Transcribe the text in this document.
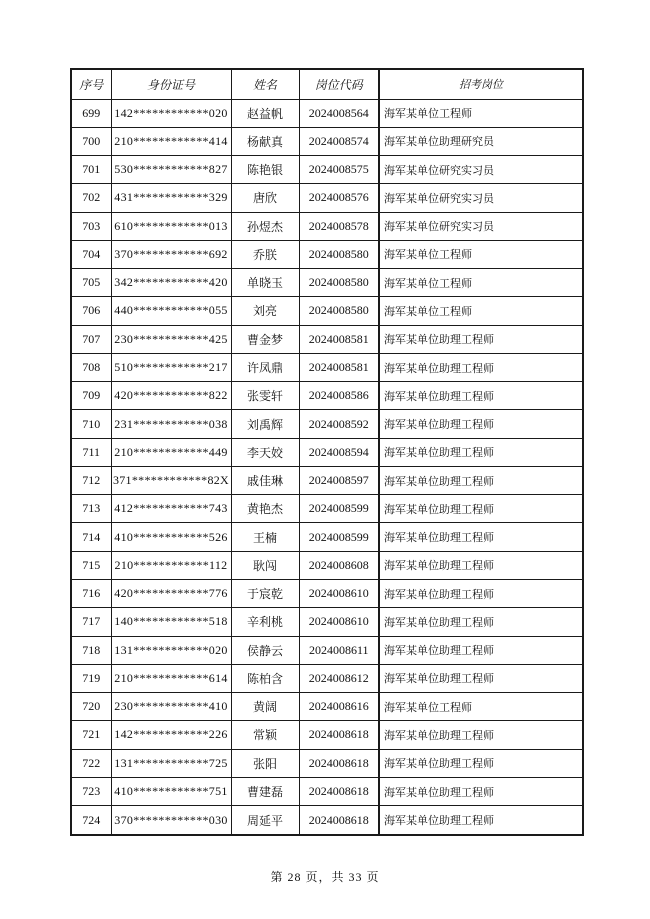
序号	身份证号	姓名	岗位代码	招考岗位
699	142************020	赵益帆	2024008564	海军某单位工程师
700	210************414	杨献真	2024008574	海军某单位助理研究员
701	530************827	陈艳银	2024008575	海军某单位研究实习员
702	431************329	唐欣	2024008576	海军某单位研究实习员
703	610************013	孙煜杰	2024008578	海军某单位研究实习员
704	370************692	乔朕	2024008580	海军某单位工程师
705	342************420	单晓玉	2024008580	海军某单位工程师
706	440************055	刘亮	2024008580	海军某单位工程师
707	230************425	曹金梦	2024008581	海军某单位助理工程师
708	510************217	许凤鼎	2024008581	海军某单位助理工程师
709	420************822	张雯轩	2024008586	海军某单位助理工程师
710	231************038	刘禹辉	2024008592	海军某单位助理工程师
711	210************449	李天姣	2024008594	海军某单位助理工程师
712	371************82X	戚佳琳	2024008597	海军某单位助理工程师
713	412************743	黄艳杰	2024008599	海军某单位助理工程师
714	410************526	王楠	2024008599	海军某单位助理工程师
715	210************112	耿闯	2024008608	海军某单位助理工程师
716	420************776	于宸乾	2024008610	海军某单位助理工程师
717	140************518	辛利桃	2024008610	海军某单位助理工程师
718	131************020	侯静云	2024008611	海军某单位助理工程师
719	210************614	陈柏含	2024008612	海军某单位助理工程师
720	230************410	黄阔	2024008616	海军某单位工程师
721	142************226	常颖	2024008618	海军某单位助理工程师
722	131************725	张阳	2024008618	海军某单位助理工程师
723	410************751	曹建磊	2024008618	海军某单位助理工程师
724	370************030	周延平	2024008618	海军某单位助理工程师
第 28 页，共 33 页
